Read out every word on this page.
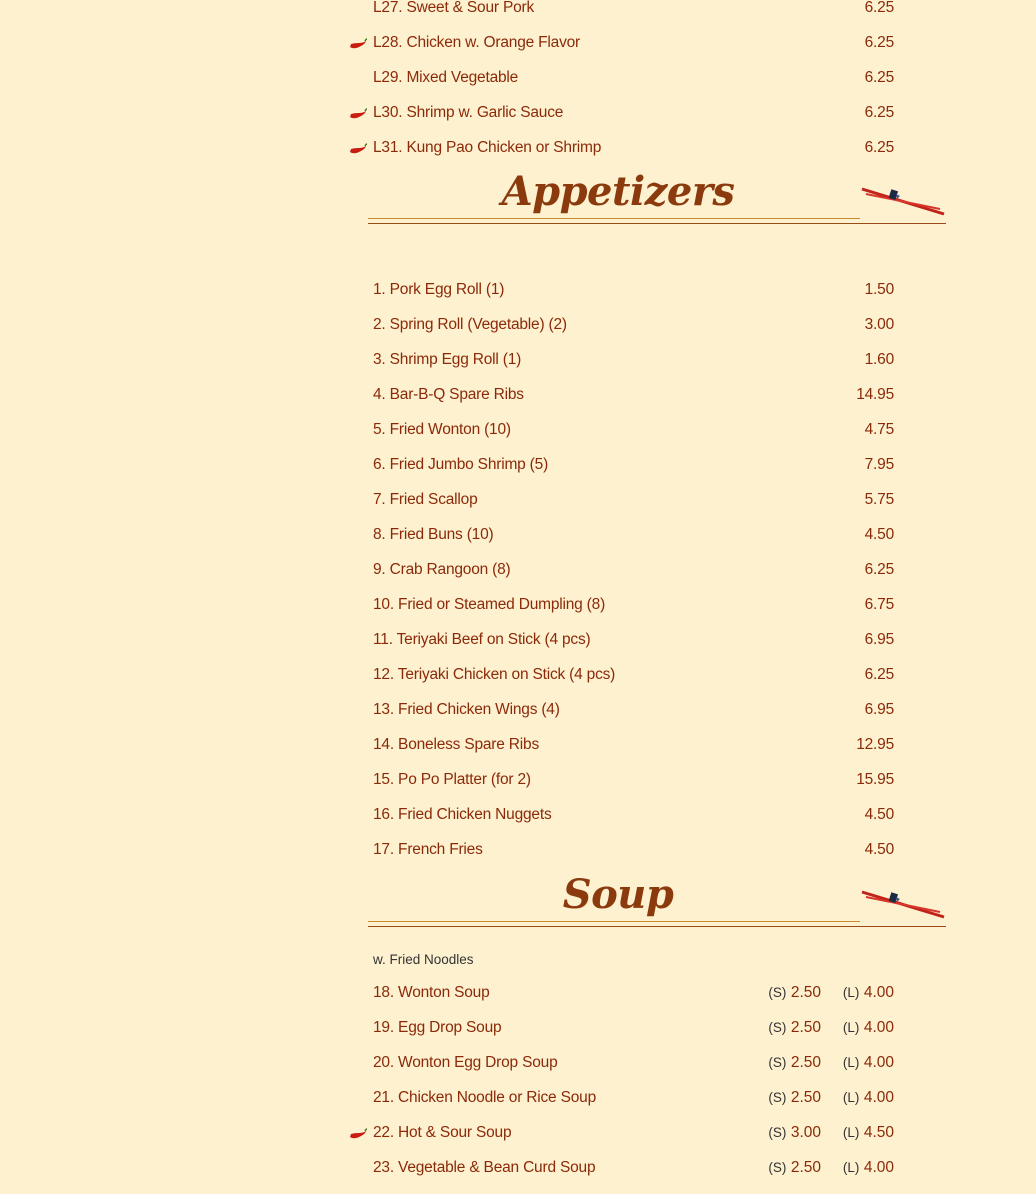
L27. Sweet & Sour Pork	6.25
L28. Chicken w. Orange Flavor	6.25
L29. Mixed Vegetable	6.25
L30. Shrimp w. Garlic Sauce	6.25
L31. Kung Pao Chicken or Shrimp	6.25
Appetizers
1. Pork Egg Roll (1)	1.50
2. Spring Roll (Vegetable) (2)	3.00
3. Shrimp Egg Roll (1)	1.60
4. Bar-B-Q Spare Ribs	14.95
5. Fried Wonton (10)	4.75
6. Fried Jumbo Shrimp (5)	7.95
7. Fried Scallop	5.75
8. Fried Buns (10)	4.50
9. Crab Rangoon (8)	6.25
10. Fried or Steamed Dumpling (8)	6.75
11. Teriyaki Beef on Stick (4 pcs)	6.95
12. Teriyaki Chicken on Stick (4 pcs)	6.25
13. Fried Chicken Wings (4)	6.95
14. Boneless Spare Ribs	12.95
15. Po Po Platter (for 2)	15.95
16. Fried Chicken Nuggets	4.50
17. French Fries	4.50
Soup
w. Fried Noodles
18. Wonton Soup	(S) 2.50 (L) 4.00
19. Egg Drop Soup	(S) 2.50 (L) 4.00
20. Wonton Egg Drop Soup	(S) 2.50 (L) 4.00
21. Chicken Noodle or Rice Soup	(S) 2.50 (L) 4.00
22. Hot & Sour Soup	(S) 3.00 (L) 4.50
23. Vegetable & Bean Curd Soup	(S) 2.50 (L) 4.00
